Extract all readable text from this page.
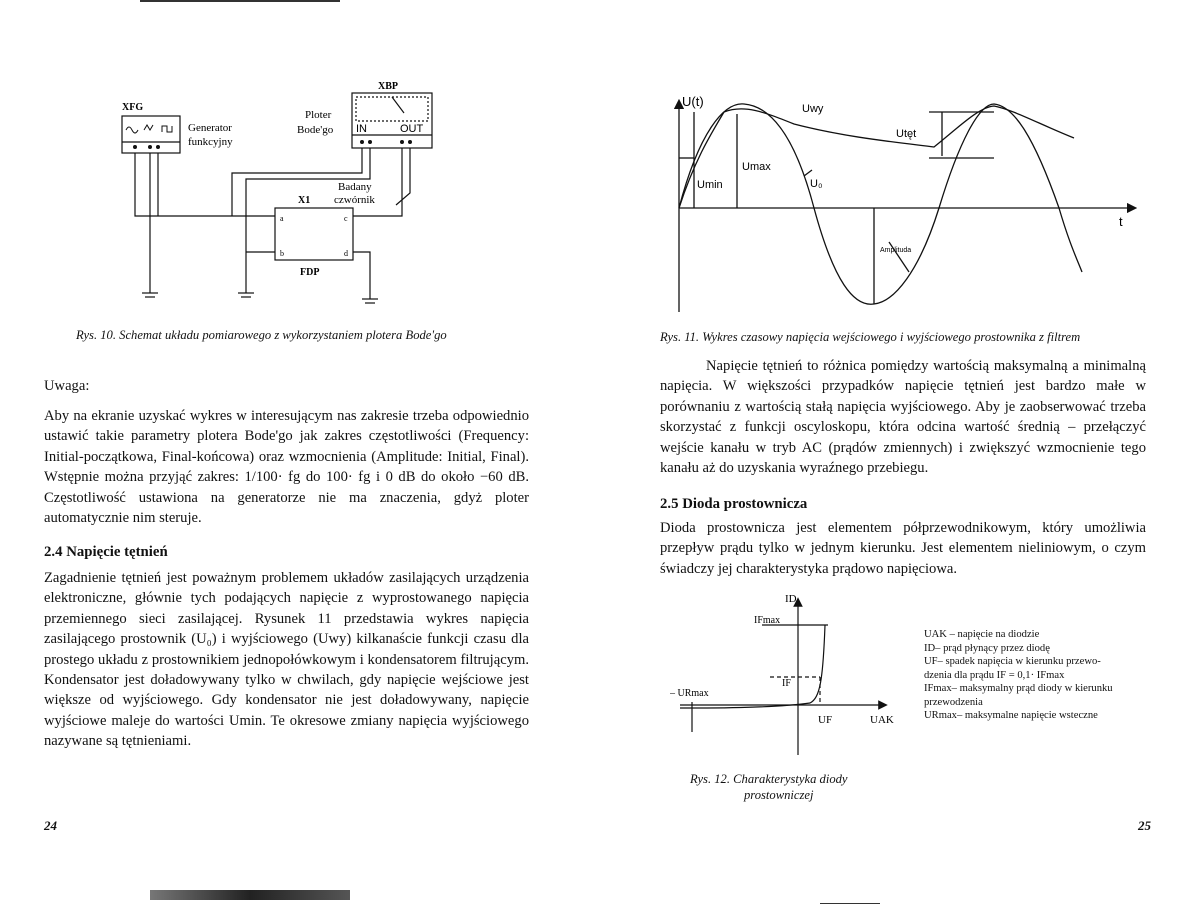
XFG
XBP
Generator
funkcyjny
Ploter
Bode'go IN	OUT
Badany
czwórnik
X1
FDP
a
b
c
d

Rys. 10. Schemat układu pomiarowego z wykorzystaniem plotera Bode'go

Uwaga:

Aby na ekranie uzyskać wykres w interesującym nas zakresie trzeba odpowiednio ustawić takie parametry plotera Bode'go jak zakres częstotliwości (Frequency: Initial-początkowa, Final-końcowa) oraz wzmocnienia (Amplitude: Initial, Final). Wstępnie można przyjąć zakres: 1/100· fg do 100· fg i 0 dB do około −60 dB. Częstotliwość ustawiona na generatorze nie ma znaczenia, gdyż ploter automatycznie nim steruje.

2.4 Napięcie tętnień

Zagadnienie tętnień jest poważnym problemem układów zasilających urządzenia elektroniczne, głównie tych podających napięcie z wyprostowanego napięcia przemiennego sieci zasilającej. Rysunek 11 przedstawia wykres napięcia zasilającego prostownik (U₀) i wyjściowego (Uwy) kilkanaście funkcji czasu dla prostego układu z prostownikiem jednopołówkowym i kondensatorem filtrującym. Kondensator jest doładowywany tylko w chwilach, gdy napięcie wejściowe jest większe od wyjściowego. Gdy kondensator nie jest doładowywany, napięcie wyjściowe maleje do wartości Umin. Te okresowe zmiany napięcia wyjściowego nazywane są tętnieniami.

24
U(t)
t
Uwy
Utęt
Umax
Umin	U₀
Amplituda

Rys. 11. Wykres czasowy napięcia wejściowego i wyjściowego prostownika z filtrem

Napięcie tętnień to różnica pomiędzy wartością maksymalną a minimalną napięcia. W większości przypadków napięcie tętnień jest bardzo małe w porównaniu z wartością stałą napięcia wyjściowego. Aby je zaobserwować trzeba skorzystać z funkcji oscyloskopu, która odcina wartość średnią – przełączyć wejście kanału w tryb AC (prądów zmiennych) i zwiększyć wzmocnienie tego kanału aż do uzyskania wyraźnego przebiegu.

2.5 Dioda prostownicza

Dioda prostownicza jest elementem półprzewodnikowym, który umożliwia przepływ prądu tylko w jednym kierunku. Jest elementem nieliniowym, o czym świadczy jej charakterystyka prądowo napięciowa.

ID
IFmax
IF
– URmax
UF	UAK
UAK – napięcie na diodzie
ID– prąd płynący przez diodę
UF– spadek napięcia w kierunku przewo-
dzenia dla prądu IF = 0,1· IFmax
IFmax– maksymalny prąd diody w kierunku
przewodzenia
URmax– maksymalne napięcie wsteczne

Rys. 12. Charakterystyka diody

prostowniczej

25
